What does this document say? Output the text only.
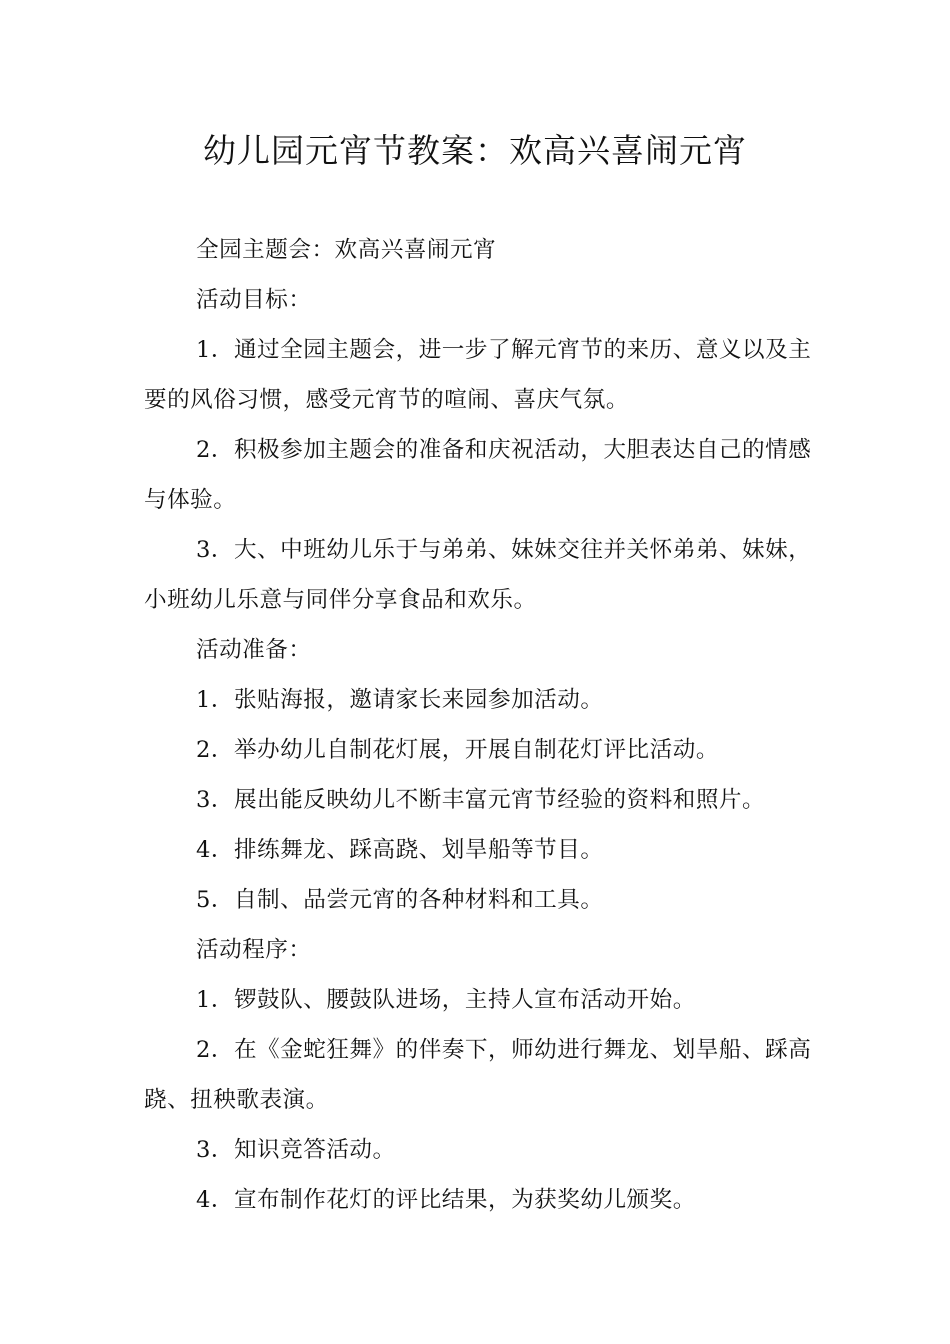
幼儿园元宵节教案：欢高兴喜闹元宵

全园主题会：欢高兴喜闹元宵

活动目标：

1．通过全园主题会，进一步了解元宵节的来历、意义以及主要的风俗习惯，感受元宵节的喧闹、喜庆气氛。

2．积极参加主题会的准备和庆祝活动，大胆表达自己的情感与体验。

3．大、中班幼儿乐于与弟弟、妹妹交往并关怀弟弟、妹妹，小班幼儿乐意与同伴分享食品和欢乐。

活动准备：

1．张贴海报，邀请家长来园参加活动。

2．举办幼儿自制花灯展，开展自制花灯评比活动。

3．展出能反映幼儿不断丰富元宵节经验的资料和照片。

4．排练舞龙、踩高跷、划旱船等节目。

5．自制、品尝元宵的各种材料和工具。

活动程序：

1．锣鼓队、腰鼓队进场，主持人宣布活动开始。

2．在《金蛇狂舞》的伴奏下，师幼进行舞龙、划旱船、踩高跷、扭秧歌表演。

3．知识竞答活动。

4．宣布制作花灯的评比结果，为获奖幼儿颁奖。
